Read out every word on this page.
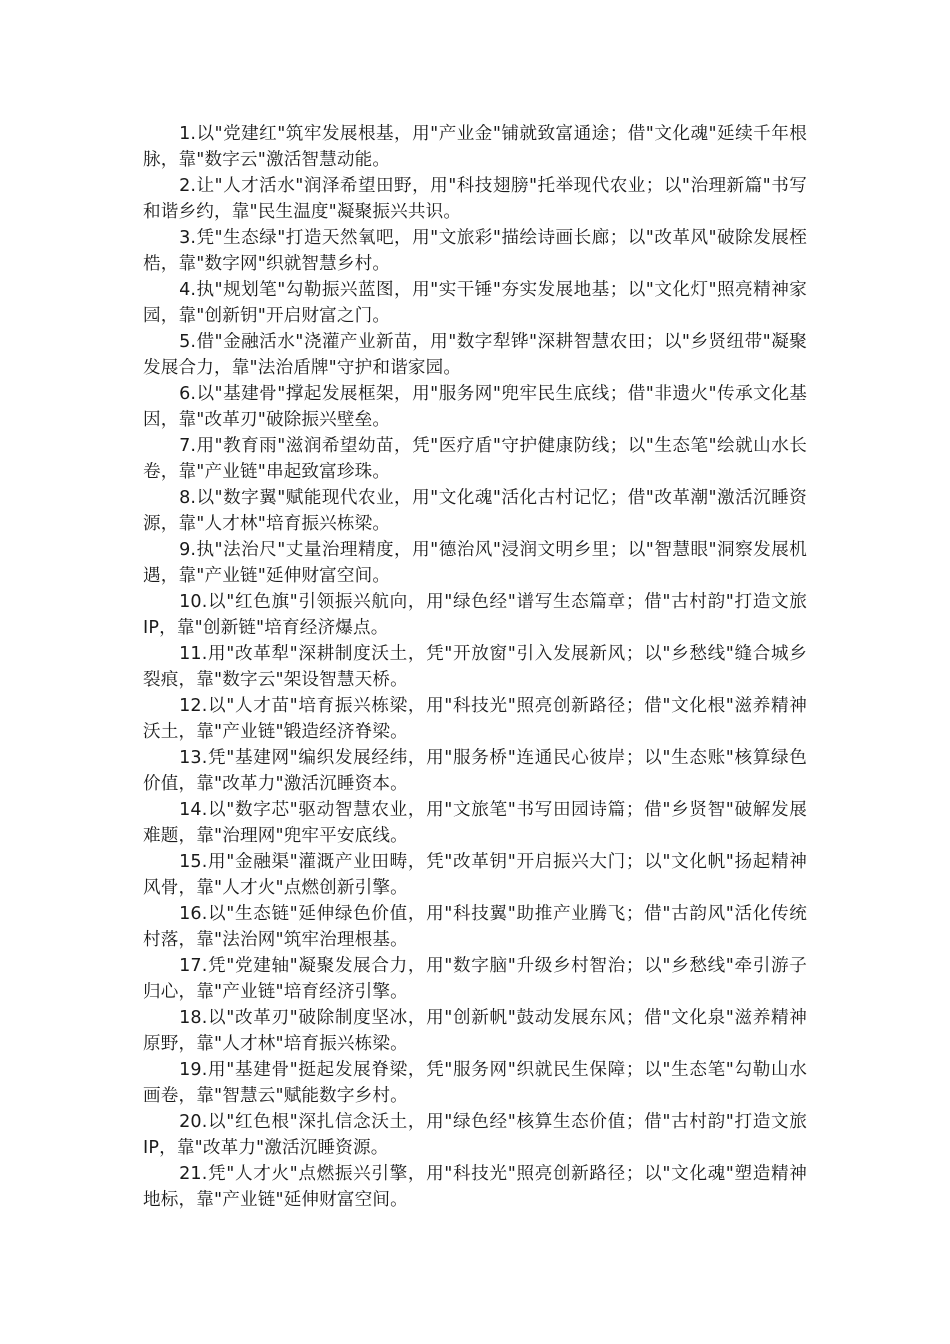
1.以"党建红"筑牢发展根基，用"产业金"铺就致富通途；借"文化魂"延续千年根脉，靠"数字云"激活智慧动能。

2.让"人才活水"润泽希望田野，用"科技翅膀"托举现代农业；以"治理新篇"书写和谐乡约，靠"民生温度"凝聚振兴共识。

3.凭"生态绿"打造天然氧吧，用"文旅彩"描绘诗画长廊；以"改革风"破除发展桎梏，靠"数字网"织就智慧乡村。

4.执"规划笔"勾勒振兴蓝图，用"实干锤"夯实发展地基；以"文化灯"照亮精神家园，靠"创新钥"开启财富之门。

5.借"金融活水"浇灌产业新苗，用"数字犁铧"深耕智慧农田；以"乡贤纽带"凝聚发展合力，靠"法治盾牌"守护和谐家园。

6.以"基建骨"撑起发展框架，用"服务网"兜牢民生底线；借"非遗火"传承文化基因，靠"改革刃"破除振兴壁垒。

7.用"教育雨"滋润希望幼苗，凭"医疗盾"守护健康防线；以"生态笔"绘就山水长卷，靠"产业链"串起致富珍珠。

8.以"数字翼"赋能现代农业，用"文化魂"活化古村记忆；借"改革潮"激活沉睡资源，靠"人才林"培育振兴栋梁。

9.执"法治尺"丈量治理精度，用"德治风"浸润文明乡里；以"智慧眼"洞察发展机遇，靠"产业链"延伸财富空间。

10.以"红色旗"引领振兴航向，用"绿色经"谱写生态篇章；借"古村韵"打造文旅IP，靠"创新链"培育经济爆点。

11.用"改革犁"深耕制度沃土，凭"开放窗"引入发展新风；以"乡愁线"缝合城乡裂痕，靠"数字云"架设智慧天桥。

12.以"人才苗"培育振兴栋梁，用"科技光"照亮创新路径；借"文化根"滋养精神沃土，靠"产业链"锻造经济脊梁。

13.凭"基建网"编织发展经纬，用"服务桥"连通民心彼岸；以"生态账"核算绿色价值，靠"改革力"激活沉睡资本。

14.以"数字芯"驱动智慧农业，用"文旅笔"书写田园诗篇；借"乡贤智"破解发展难题，靠"治理网"兜牢平安底线。

15.用"金融渠"灌溉产业田畴，凭"改革钥"开启振兴大门；以"文化帆"扬起精神风骨，靠"人才火"点燃创新引擎。

16.以"生态链"延伸绿色价值，用"科技翼"助推产业腾飞；借"古韵风"活化传统村落，靠"法治网"筑牢治理根基。

17.凭"党建轴"凝聚发展合力，用"数字脑"升级乡村智治；以"乡愁线"牵引游子归心，靠"产业链"培育经济引擎。

18.以"改革刃"破除制度坚冰，用"创新帆"鼓动发展东风；借"文化泉"滋养精神原野，靠"人才林"培育振兴栋梁。

19.用"基建骨"挺起发展脊梁，凭"服务网"织就民生保障；以"生态笔"勾勒山水画卷，靠"智慧云"赋能数字乡村。

20.以"红色根"深扎信念沃土，用"绿色经"核算生态价值；借"古村韵"打造文旅IP，靠"改革力"激活沉睡资源。

21.凭"人才火"点燃振兴引擎，用"科技光"照亮创新路径；以"文化魂"塑造精神地标，靠"产业链"延伸财富空间。
